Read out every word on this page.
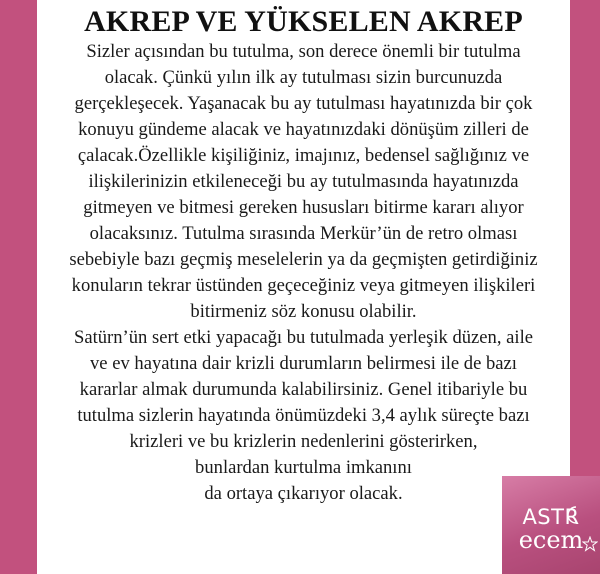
AKREP VE YÜKSELEN AKREP
Sizler açısından bu tutulma, son derece önemli bir tutulma
olacak. Çünkü yılın ilk ay tutulması sizin burcunuzda
gerçekleşecek. Yaşanacak bu ay tutulması hayatınızda bir çok
konuyu gündeme alacak ve hayatınızdaki dönüşüm zilleri de
çalacak.Özellikle kişiliğiniz, imajınız, bedensel sağlığınız ve
ilişkilerinizin etkileneceği bu ay tutulmasında hayatınızda
gitmeyen ve bitmesi gereken hususları bitirme kararı alıyor
olacaksınız. Tutulma sırasında Merkür’ün de retro olması
sebebiyle bazı geçmiş meselelerin ya da geçmişten getirdiğiniz
konuların tekrar üstünden geçeceğiniz veya gitmeyen ilişkileri
bitirmeniz söz konusu olabilir.
Satürn’ün sert etki yapacağı bu tutulmada yerleşik düzen, aile
ve ev hayatına dair krizli durumların belirmesi ile de bazı
kararlar almak durumunda kalabilirsiniz. Genel itibariyle bu
tutulma sizlerin hayatında önümüzdeki 3,4 aylık süreçte bazı
krizleri ve bu krizlerin nedenlerini gösterirken,
bunlardan kurtulma imkanını
da ortaya çıkarıyor olacak.
ASTR
ecem
